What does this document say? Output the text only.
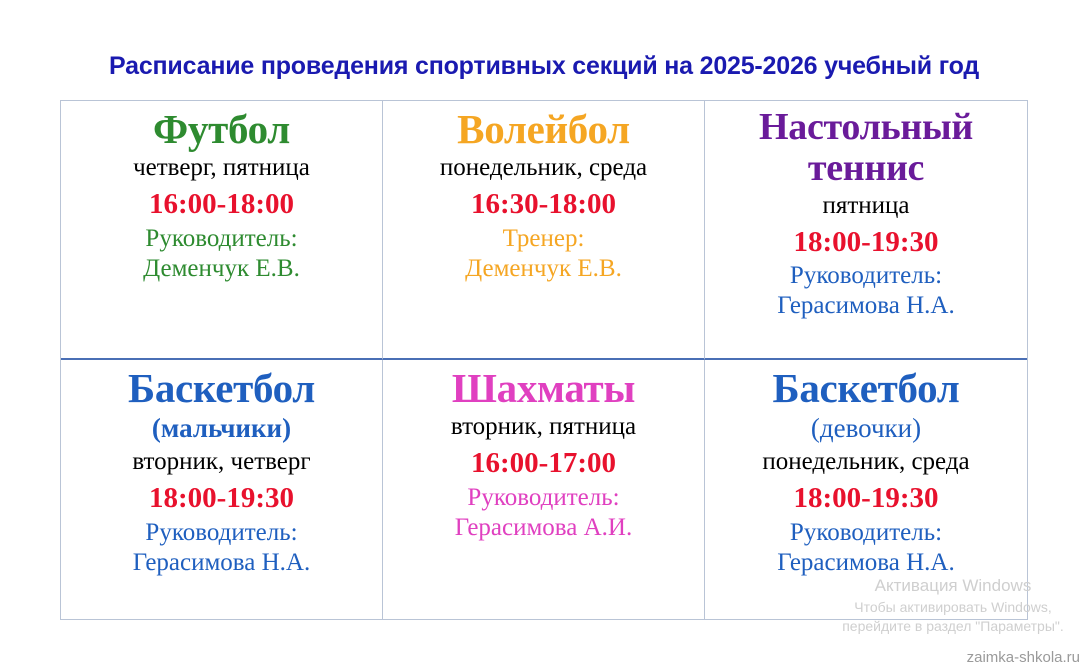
Расписание проведения спортивных секций на 2025-2026 учебный год
Футбол
четверг, пятница
16:00-18:00
Руководитель:
Деменчук Е.В.
Волейбол
понедельник, среда
16:30-18:00
Тренер:
Деменчук Е.В.
Настольный теннис
пятница
18:00-19:30
Руководитель:
Герасимова Н.А.
Баскетбол
(мальчики)
вторник, четверг
18:00-19:30
Руководитель:
Герасимова Н.А.
Шахматы
вторник, пятница
16:00-17:00
Руководитель:
Герасимова А.И.
Баскетбол
(девочки)
понедельник, среда
18:00-19:30
Руководитель:
Герасимова Н.А.
Активация Windows
Чтобы активировать Windows, перейдите в раздел "Параметры".
zaimka-shkola.ru
